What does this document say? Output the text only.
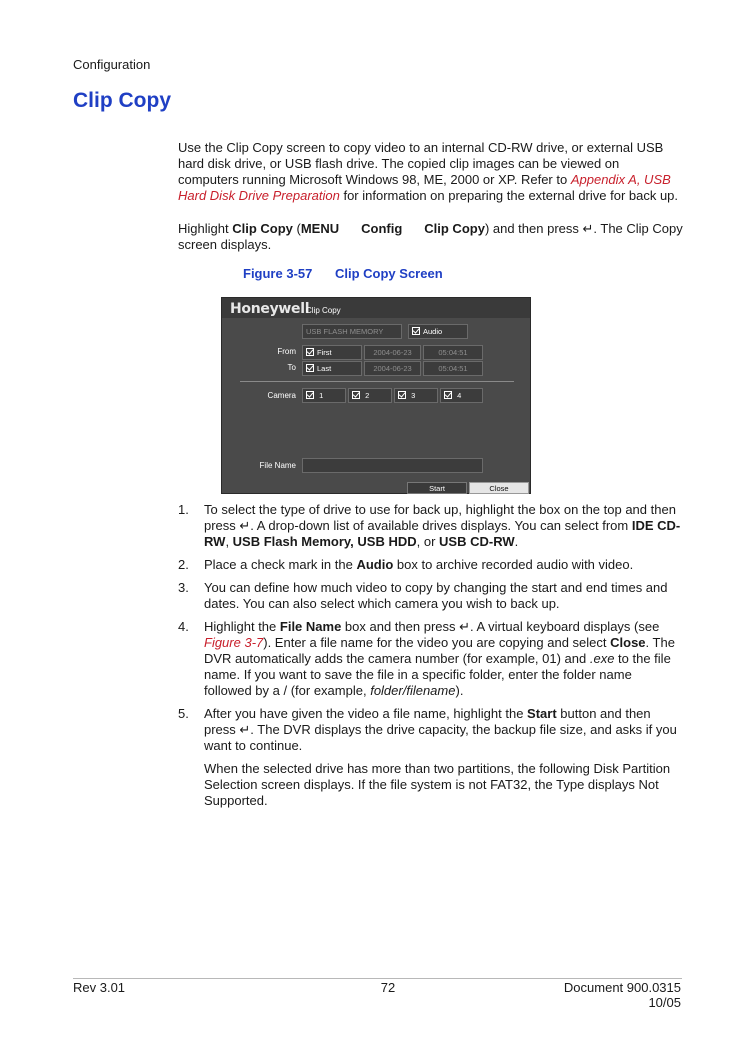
Configuration
Clip Copy
Use the Clip Copy screen to copy video to an internal CD-RW drive, or external USB hard disk drive, or USB flash drive. The copied clip images can be viewed on computers running Microsoft Windows 98, ME, 2000 or XP. Refer to Appendix A, USB Hard Disk Drive Preparation for information on preparing the external drive for back up.
Highlight Clip Copy (MENU Config Clip Copy) and then press ↵. The Clip Copy screen displays.
Figure 3-57 Clip Copy Screen
Honeywell
Clip Copy
USB FLASH MEMORY	Audio
From	First	2004-06-23	05:04:51
To	Last	2004-06-23	05:04:51
Camera	1	2	3	4
File Name
Start	Close
1. To select the type of drive to use for back up, highlight the box on the top and then press ↵. A drop-down list of available drives displays. You can select from IDE CD-RW, USB Flash Memory, USB HDD, or USB CD-RW.

2. Place a check mark in the Audio box to archive recorded audio with video.

3. You can define how much video to copy by changing the start and end times and dates. You can also select which camera you wish to back up.

4. Highlight the File Name box and then press ↵. A virtual keyboard displays (see Figure 3-7). Enter a file name for the video you are copying and select Close. The DVR automatically adds the camera number (for example, 01) and .exe to the file name. If you want to save the file in a specific folder, enter the folder name followed by a / (for example, folder/filename).

5. After you have given the video a file name, highlight the Start button and then press ↵. The DVR displays the drive capacity, the backup file size, and asks if you want to continue.

When the selected drive has more than two partitions, the following Disk Partition Selection screen displays. If the file system is not FAT32, the Type displays Not Supported.

Rev 3.01	72	Document 900.0315
10/05
